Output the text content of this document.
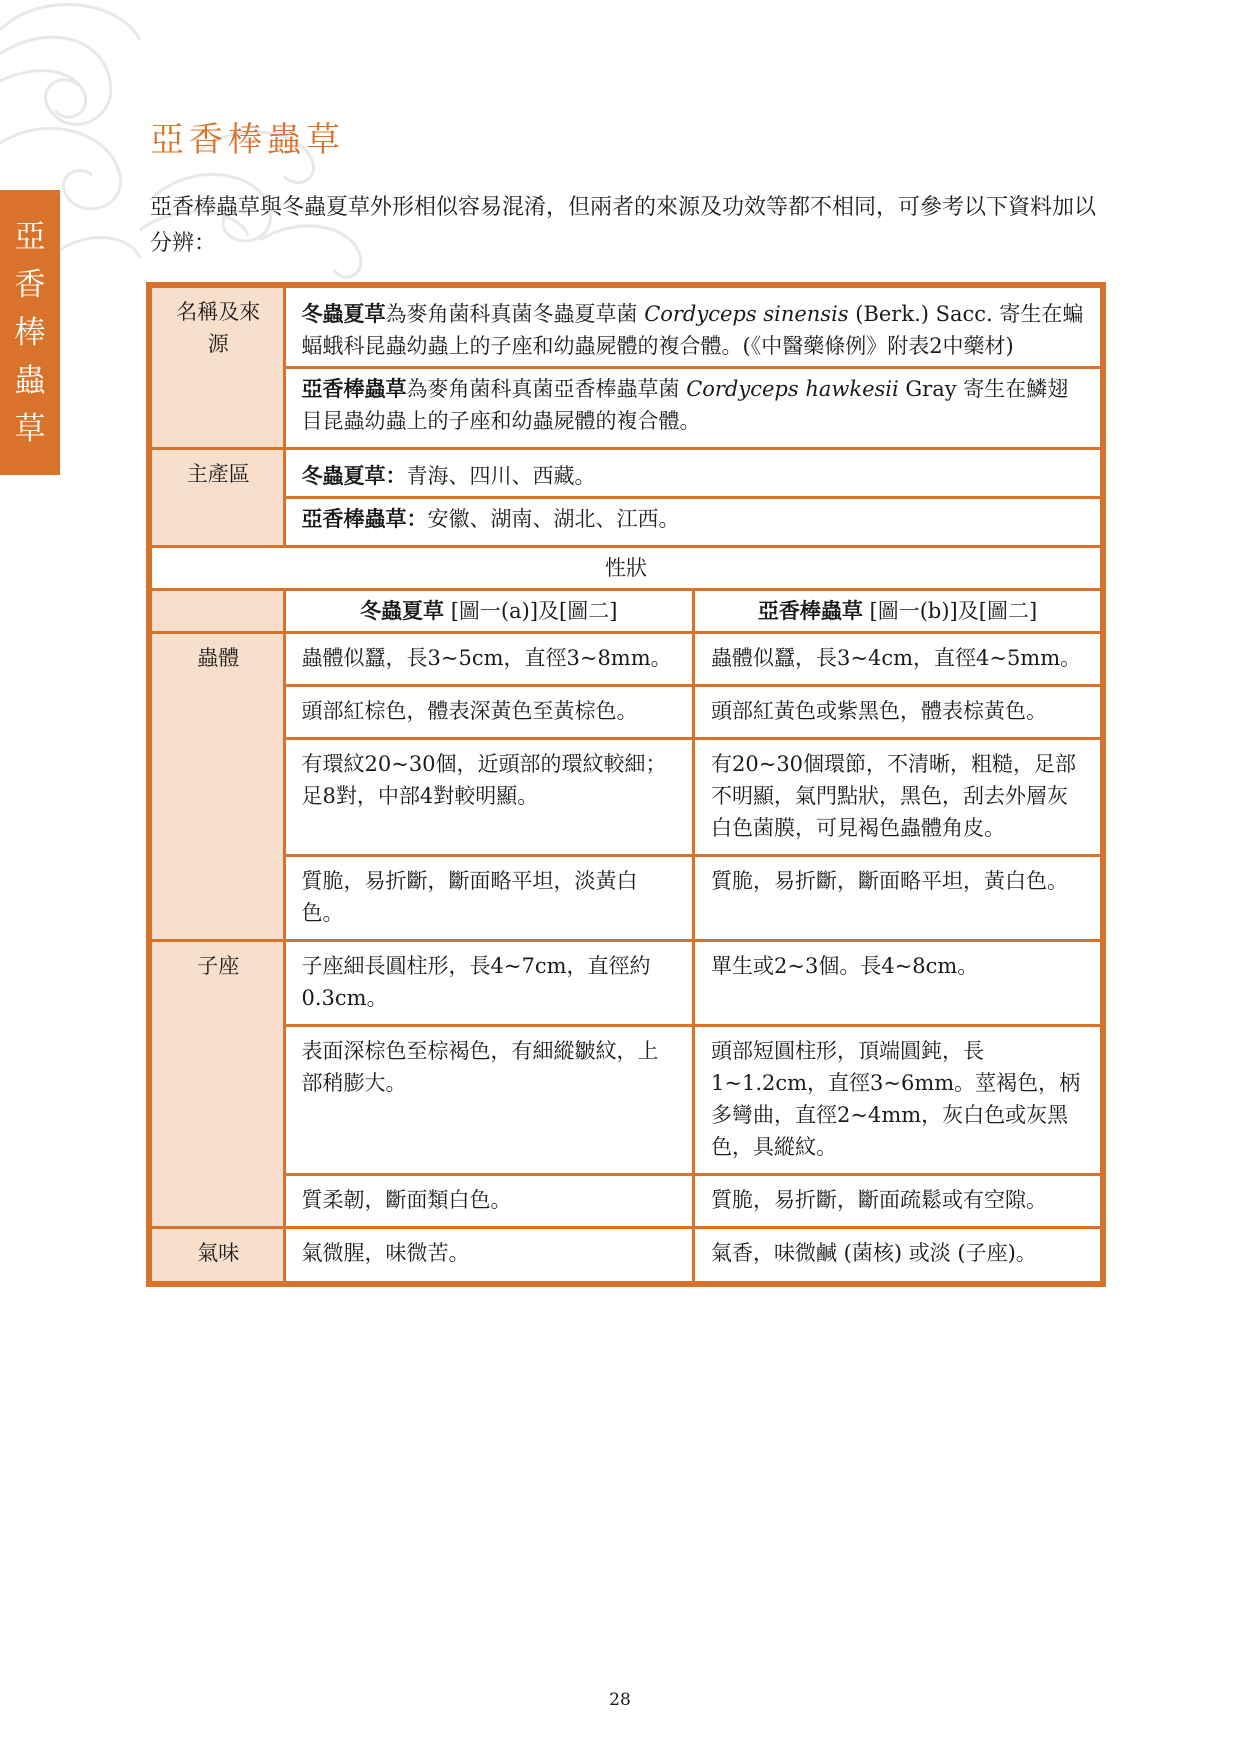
亞
香
棒
蟲
草
亞香棒蟲草

亞香棒蟲草與冬蟲夏草外形相似容易混淆，但兩者的來源及功效等都不相同，可參考以下資料加以分辨：

名稱及來源	冬蟲夏草為麥角菌科真菌冬蟲夏草菌 Cordyceps sinensis (Berk.) Sacc. 寄生在蝙蝠蛾科昆蟲幼蟲上的子座和幼蟲屍體的複合體。(《中醫藥條例》附表2中藥材)	
	亞香棒蟲草為麥角菌科真菌亞香棒蟲草菌 Cordyceps hawkesii Gray 寄生在鱗翅目昆蟲幼蟲上的子座和幼蟲屍體的複合體。	
主產區	冬蟲夏草：青海、四川、西藏。	
	亞香棒蟲草：安徽、湖南、湖北、江西。	
性狀		
	冬蟲夏草 [圖一(a)]及[圖二]	亞香棒蟲草 [圖一(b)]及[圖二]
蟲體	蟲體似蠶，長3~5cm，直徑3~8mm。	蟲體似蠶，長3~4cm，直徑4~5mm。
	頭部紅棕色，體表深黃色至黃棕色。	頭部紅黃色或紫黑色，體表棕黃色。
	有環紋20~30個，近頭部的環紋較細；足8對，中部4對較明顯。	有20~30個環節，不清晰，粗糙，足部不明顯，氣門點狀，黑色，刮去外層灰白色菌膜，可見褐色蟲體角皮。
	質脆，易折斷，斷面略平坦，淡黃白色。	質脆，易折斷，斷面略平坦，黃白色。
子座	子座細長圓柱形，長4~7cm，直徑約0.3cm。	單生或2~3個。長4~8cm。
	表面深棕色至棕褐色，有細縱皺紋，上部稍膨大。	頭部短圓柱形，頂端圓鈍，長1~1.2cm，直徑3~6mm。莖褐色，柄多彎曲，直徑2~4mm，灰白色或灰黑色，具縱紋。
	質柔韌，斷面類白色。	質脆，易折斷，斷面疏鬆或有空隙。
氣味	氣微腥，味微苦。	氣香，味微鹹 (菌核) 或淡 (子座)。
28
